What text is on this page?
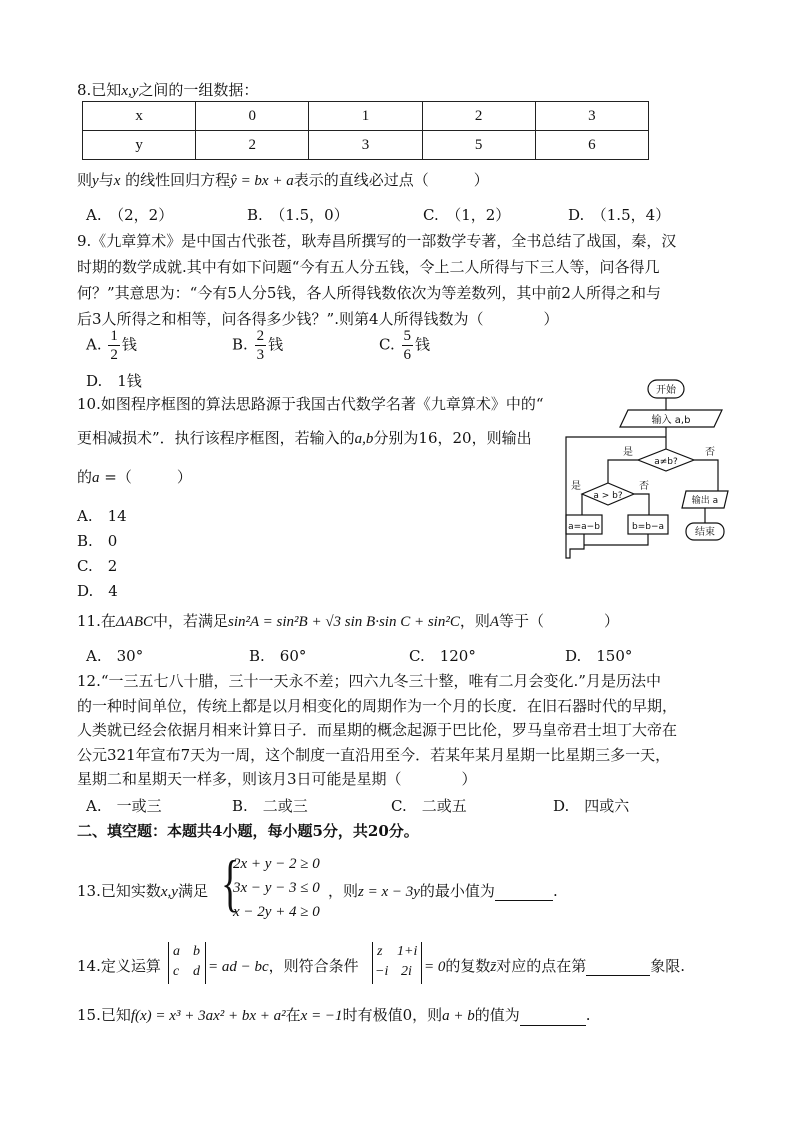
8.已知x,y之间的一组数据：
x	0	1	2	3
y	2	3	5	6
则y与x 的线性回归方程ŷ = bx + a表示的直线必过点（　　　）
A.　（2，2）	B.　（1.5，0）	C.　（1，2）	D.　（1.5，4）
9.《九章算术》是中国古代张苍，耿寿昌所撰写的一部数学专著，全书总结了战国，秦，汉
时期的数学成就.其中有如下问题“今有五人分五钱，令上二人所得与下三人等，问各得几
何？”其意思为：“今有5人分5钱，各人所得钱数依次为等差数列，其中前2人所得之和与
后3人所得之和相等，问各得多少钱？”.则第4人所得钱数为（　　　　）
A. $\frac{1}{2}$ 钱	B. $\frac{2}{3}$ 钱	C. $\frac{5}{6}$ 钱
D.　1钱
10.如图程序框图的算法思路源于我国古代数学名著《九章算术》中的“
更相减损术”．执行该程序框图，若输入的a,b分别为16，20，则输出
的a =（　　　）
A.　14
B.　0
C.　2
D.　4
开始
输入 a,b
a≠b?
是	否
a > b?
是	否
a=a−b	b=b−a
输出 a
结束
11.在ΔABC中，若满足sin²A = sin²B + √3 sin B·sin C + sin²C，则A等于（　　　　）
A.　30°	B.　60°	C.　120°	D.　150°
12.“一三五七八十腊，三十一天永不差；四六九冬三十整，唯有二月会变化.”月是历法中
的一种时间单位，传统上都是以月相变化的周期作为一个月的长度．在旧石器时代的早期，
人类就已经会依据月相来计算日子．而星期的概念起源于巴比伦，罗马皇帝君士坦丁大帝在
公元321年宣布7天为一周，这个制度一直沿用至今．若某年某月星期一比星期三多一天，
星期二和星期天一样多，则该月3日可能是星期（　　　　）
A.　一或三	B.　二或三	C.　二或五	D.　四或六
二、填空题：本题共4小题，每小题5分，共20分。
13.已知实数x,y满足 {
2x + y − 2 ≥ 0
3x − y − 3 ≤ 0
x − 2y + 4 ≥ 0
，则z = x − 3y的最小值为	.
14.定义运算
a b
c d = ad − bc，则符合条件
z 1+i
−i 2i = 0的复数z̄对应的点在第	象限.
15.已知f(x) = x³ + 3ax² + bx + a²在x = −1时有极值0，则a + b的值为	.
